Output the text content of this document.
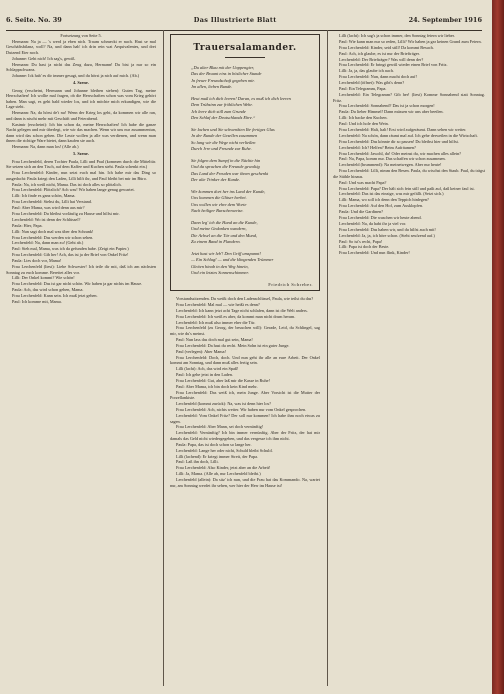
6. Seite. No. 39	Das Illustrierte Blatt	24. September 1916

Fortsetzung von Seite 5.

Hermann: Na ja — 's werd ja eben nich. Traum schmeckt er nach. Hast se mal Geschäftsbilanz, woll? Na, und dann hab' ich drin rein wat Aequivalentes, und drei Dutzend Eier noch.

Johanne: Geht nich! Ich sag's, gewiß.

Hermann: Du hast ja nicht das Zeug dazu, Hermann! Du bist ja nur so ein Schlappschwanz.

Johanne: Ick hab' es dir immer gesagt, und du hörst ja nich auf mich. (Ab.)

4. Szene.

Georg (erscheint, Hermann und Johanne bleiben stehen): Guten Tag, meine Herrschaften! Ich wollte mal fragen, ob die Herrschaften schon was vom Krieg gehört haben. Man sagt, es geht bald wieder los, und ich möchte mich erkundigen, wie die Lage steht.

Hermann: Na, da hörst de't nu! Wenn der Krieg los geht, da kommen wir alle ran, und dann is nischt mehr mit Geschäft und Feierabend.

Kasimir (erscheint): Ich bin schon da, meine Herrschaften! Ich habe die ganze Nacht gelegen und mir überlegt, wie wir das machen. Wenn wir uns nur zusammentun, dann wird das schon gehen. Die Leute wollen ja alle was verdienen, und wenn man ihnen die richtige Ware bietet, dann kaufen sie auch.

Hermann: Na, dann man los! (Alle ab.)

5. Szene.

Frau Lerchenfeld, deren Tochter Paula, Lilli und Paul (kommen durch die Mitteltür. Sie setzen sich an den Tisch, auf dem Kaffee und Kuchen steht. Paula schenkt ein.)

Frau Lerchenfeld: Kinder, nun setzt euch mal hin. Ich habe mir das Ding so ausgedacht: Paula kriegt den Laden, Lilli hilft ihr, und Paul bleibt bei mir im Büro.

Paula: Na, ich weiß nicht, Mama. Das ist doch alles so plötzlich.

Frau Lerchenfeld: Plötzlich? Ach was! Wir haben lange genug gewartet.

Lilli: Ich finde es ganz schön, Mama.

Frau Lerchenfeld: Siehst du, Lilli hat Verstand.

Paul: Aber Mama, was wird denn aus mir?

Frau Lerchenfeld: Du bleibst vorläufig zu Hause und hilfst mir.

Lerchenfeld: Wo ist denn der Schlüssel?

Paula: Hier, Papa.

Lilli: Nun sagt doch mal was über den Schrank!

Frau Lerchenfeld: Das werden wir schon sehen.

Lerchenfeld: Na, dann man zu! (Geht ab.)

Paul: Sieh mal, Mama, was ich da gefunden habe. (Zeigt ein Papier.)

Frau Lerchenfeld: Gib her! Ach, das ist ja der Brief von Onkel Fritz!

Paula: Lies doch vor, Mama!

Frau Lerchenfeld (liest): Liebe Schwester! Ich teile dir mit, daß ich am nächsten Sonntag zu euch komme. Bereitet alles vor.

Lilli: Der Onkel kommt? Wie schön!

Frau Lerchenfeld: Das ist gar nicht schön. Wir haben ja gar nichts im Hause.

Paula: Ach, das wird schon gehen, Mama.

Frau Lerchenfeld: Kann sein. Ich muß jetzt gehen.

Paul: Ich komme mit, Mama.

Trauersalamander.
„Du alter Blau mit der Uappengier,
Das der Bruant eins in böslicher Stunde
Jn freuer Freundschaft gegeben mir.
Jm allen, lieben Bunde.
Heut muß ich dich leeren! Daran, es muß ich dich leeren
Dem Trübsinn zur fröhlichen Wehr.
Jch leere dich still zum Grunde
Den Schlaf der Deutschlands Ehre.“
Sie lachen und Sie schwenkten Ihr fertiges Glas
Jn der Runde der Gesellen zusammen
So lang wir die Wege nicht verließen
Durch Jrre und Freunde zur Ruhe.
Sie folgen dem Sumpf in die Nächte hin
Und da sprachen die Freunde gewaltig
Das Land der Freuden war ihnen geschenkt
Der alte Trinker der Kunde.
Wir kommen dort her ins Land der Kunde,
Uns kommen die Gläser herbei.
Uns wollen wir ehre dem Worte
Nach heiliger Burschenweise.
Dann leg' ich die Hand an die Kunde,
Und meine Gedanken wandern,
Die Achsel an die Tür und den Mund,
Zu einem Band in Flandern.
Jetzt hast wir leb'! Den Griff umspannt!
— Ein Schlag! — und die klingenden Trümmer
Gleiten hinab in den Weg hinein,
Und ein letztes Sonnenschimmer.
Friedrich Schreber.

Vorstandssitzenden. Du weißt doch den Ladenschlüssel, Paula, wie teilst du das?

Frau Lerchenfeld: Mal mal — wie heißt es denn?

Lerchenfeld: Ich kann jetzt acht Tage nicht schlafen, dann ist die Welt anders.

Frau Lerchenfeld: Ich weiß es aber, da kommt man nicht drum herum.

Lerchenfeld: Ich muß also immer eher die Tür.

Frau Lerchenfeld (zu Georg, der besuchen will): Gerade, Leid, du Schlingel, sag mir, wie du's meinst.

Paul: Nun lass das doch mal gut sein, Mama!

Frau Lerchenfeld: Da hast du recht. Mein Sohn ist ein guter Junge.

Paul (verlegen): Aber Mama!

Frau Lerchenfeld: Doch, doch. Und nun geht ihr alle an eure Arbeit. Der Onkel kommt am Sonntag, und dann muß alles fertig sein.

Lilli (lacht): Ach, das wird ein Spaß!

Paul: Ich gehe jetzt in den Laden.

Frau Lerchenfeld: Gut, aber laß mir die Kasse in Ruhe!

Paul: Aber Mama, ich bin doch kein Kind mehr.

Frau Lerchenfeld: Das weiß ich, mein Junge. Aber Vorsicht ist die Mutter der Porzellankiste.

Lerchenfeld (kommt zurück): Na, was ist denn hier los?

Frau Lerchenfeld: Ach, nichts weiter. Wir haben nur vom Onkel gesprochen.

Lerchenfeld: Vom Onkel Fritz? Der soll nur kommen! Ich habe ihm noch etwas zu sagen.

Frau Lerchenfeld: Aber Mann, sei doch vernünftig!

Lerchenfeld: Vernünftig? Ich bin immer vernünftig. Aber der Fritz, der hat mir damals das Geld nicht wiedergegeben, und das vergesse ich ihm nicht.

Paula: Papa, das ist doch schon so lange her.

Lerchenfeld: Lange her oder nicht, Schuld bleibt Schuld.

Lilli (lachend): Er kriegt immer Streit, der Papa.

Paul: Laß ihn doch, Lilli.

Frau Lerchenfeld: Also Kinder, jetzt aber an die Arbeit!

Lilli: Ja, Mama. (Alle ab, nur Lerchenfeld bleibt.)

Lerchenfeld (allein): Da sitz' ich nun, und die Frau hat das Kommando. Na, wartet nur, am Sonntag werdet ihr sehen, wer hier der Herr im Hause ist!

Lilli (lacht): Ich sag's ja schon immer, den Sonntag feiern wir lieber.

Paul: Wie kann man nur so reden, Lilli? Wir haben ja gar keinen Grund zum Feiern.

Frau Lerchenfeld: Kinder, seid still! Da kommt Besuch.

Paul: Ach, ich glaube, es ist nur der Briefträger.

Lerchenfeld: Der Briefträger? Was will denn der?

Frau Lerchenfeld: Er bringt gewiß wieder einen Brief von Fritz.

Lilli: Ja, ja, das glaube ich auch.

Frau Lerchenfeld: Nun, dann macht doch auf!

Lerchenfeld (öffnet): Was gibt's denn?

Paul: Ein Telegramm, Papa.

Lerchenfeld: Ein Telegramm? Gib her! (liest) Komme Sonnabend statt Sonntag. Fritz.

Frau Lerchenfeld: Sonnabend? Das ist ja schon morgen!

Paula: Du lieber Himmel! Dann müssen wir uns aber beeilen.

Lilli: Ich backe den Kuchen.

Paul: Und ich hole den Wein.

Frau Lerchenfeld: Halt, halt! Erst wird aufgeräumt. Dann sehen wir weiter.

Lerchenfeld: Na schön, dann räumt mal auf. Ich gehe derweilen in die Wirtschaft.

Frau Lerchenfeld: Das könnte dir so passen! Du bleibst hier und hilfst.

Lerchenfeld: Ich? Helfen? Beim Aufräumen?

Frau Lerchenfeld: Jawohl, du! Oder meinst du, wir machen alles allein?

Paul: Na, Papa, komm nur. Das schaffen wir schon zusammen.

Lerchenfeld (brummend): Na meinetwegen. Aber nur heute!

Frau Lerchenfeld: Lilli, nimm den Besen. Paula, du wischst den Staub. Paul, du trägst die Stühle hinaus.

Paul: Und was macht Papa?

Frau Lerchenfeld: Papa? Der hält sich fein still und paßt auf, daß keiner faul ist.

Lerchenfeld: Das ist das einzige, was mir gefällt. (Setzt sich.)

Lilli: Mama, wo soll ich denn den Teppich hinlegen?

Frau Lerchenfeld: Auf den Hof, zum Ausklopfen.

Paula: Und die Gardinen?

Frau Lerchenfeld: Die waschen wir heute abend.

Lerchenfeld: Na, da habt ihr ja viel vor.

Frau Lerchenfeld: Das haben wir, und du hilfst auch mit!

Lerchenfeld: Ja, ja, ich höre schon. (Steht seufzend auf.)

Paul: So ist's recht, Papa!

Lilli: Papa ist doch der Beste.

Frau Lerchenfeld: Und nun flink, Kinder!
